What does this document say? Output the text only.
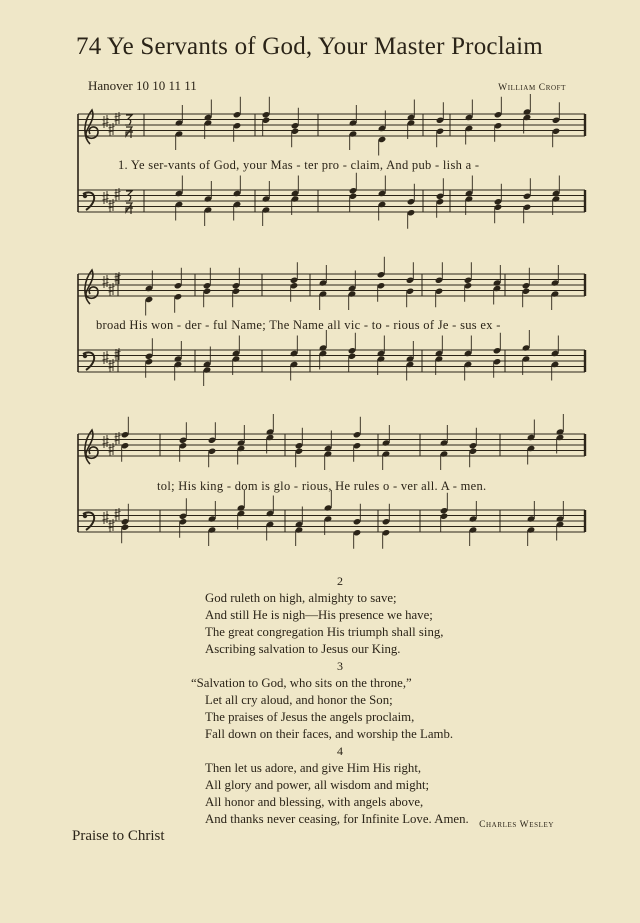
74 Ye Servants of God, Your Master Proclaim
Hanover 10 10 11 11	William Croft
1. Ye ser-vants of God, your Mas - ter pro - claim, And pub - lish a -
broad His won - der - ful Name; The Name all vic - to - rious of Je - sus ex -
tol; His king - dom is glo - rious, He rules o - ver all. A - men.
2
God ruleth on high, almighty to save;
And still He is nigh—His presence we have;
The great congregation His triumph shall sing,
Ascribing salvation to Jesus our King.
3
“Salvation to God, who sits on the throne,”
Let all cry aloud, and honor the Son;
The praises of Jesus the angels proclaim,
Fall down on their faces, and worship the Lamb.
4
Then let us adore, and give Him His right,
All glory and power, all wisdom and might;
All honor and blessing, with angels above,
And thanks never ceasing, for Infinite Love. Amen. Charles Wesley
Praise to Christ
